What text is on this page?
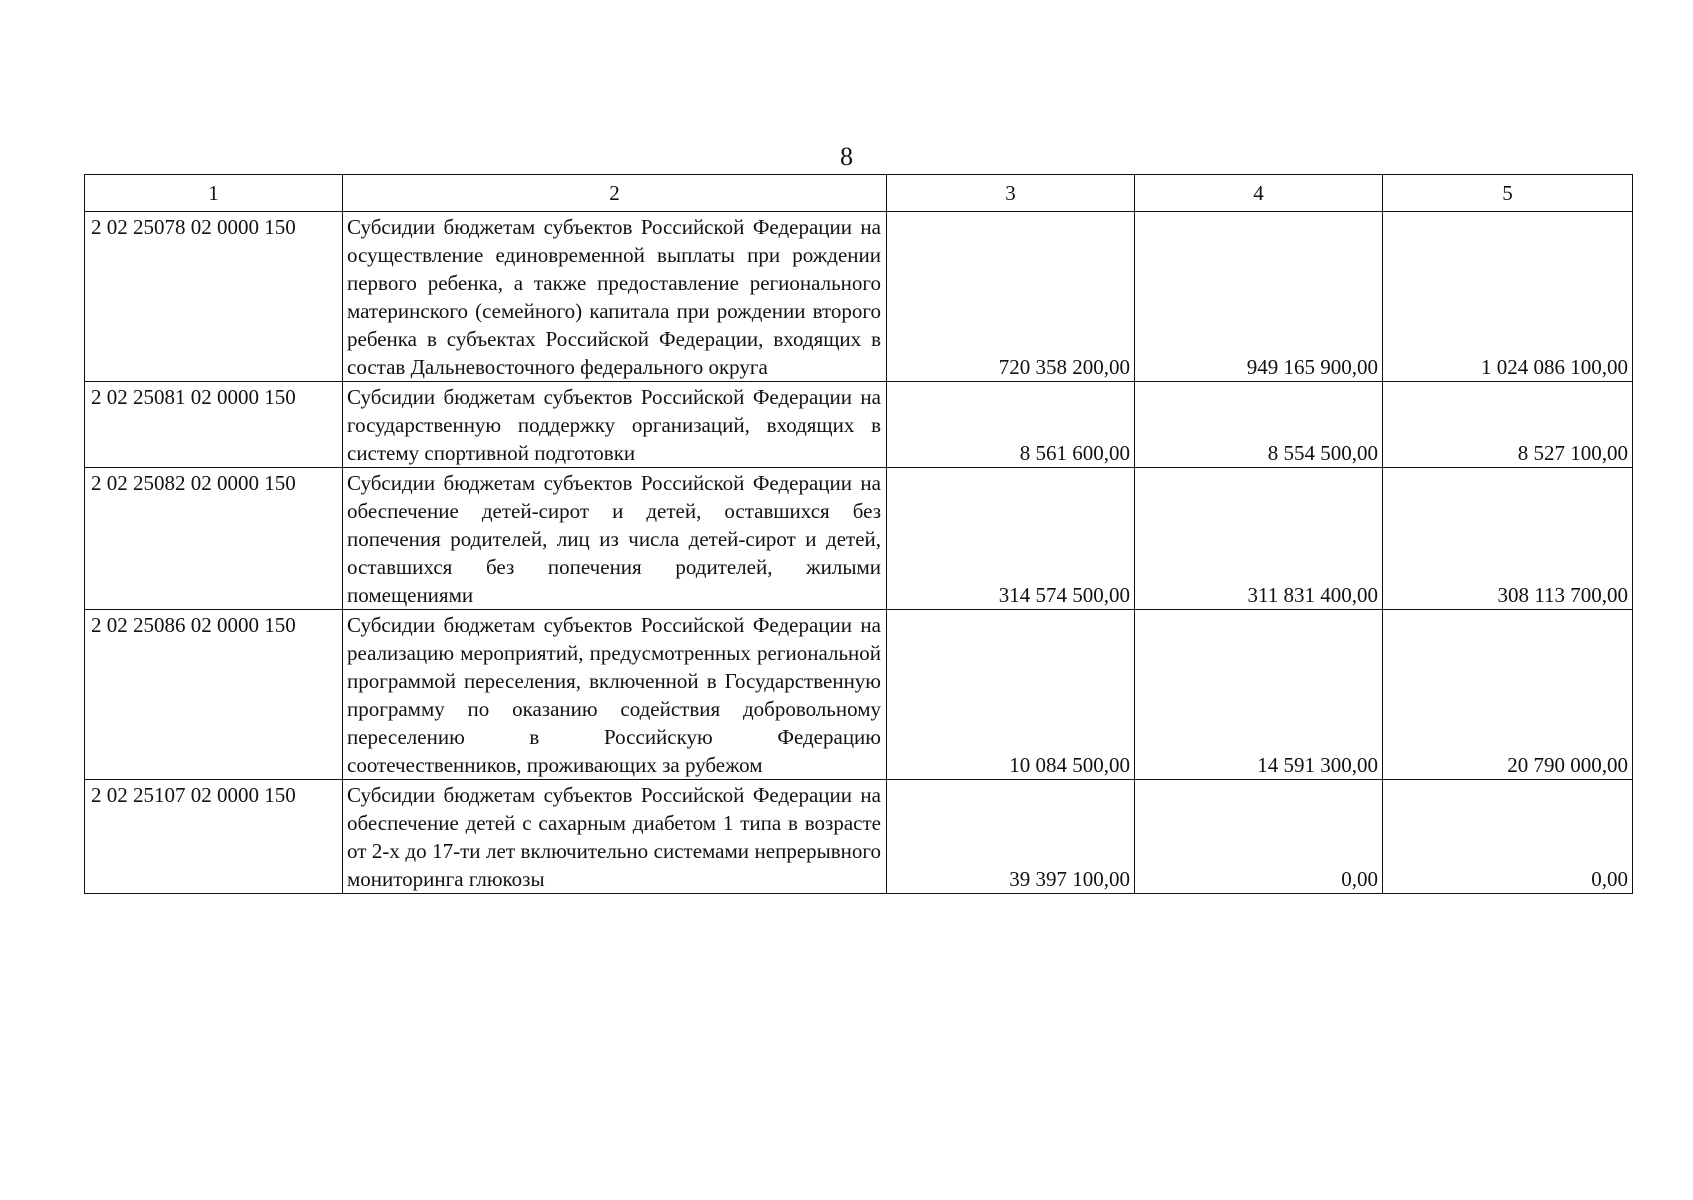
8
1	2	3	4	5
2 02 25078 02 0000 150	Субсидии бюджетам субъектов Российской Федерации на осуществление единовременной выплаты при рождении первого ребенка, а также предоставление регионального материнского (семейного) капитала при рождении второго ребенка в субъектах Российской Федерации, входящих в состав Дальневосточного федерального округа	720 358 200,00	949 165 900,00	1 024 086 100,00
2 02 25081 02 0000 150	Субсидии бюджетам субъектов Российской Федерации на государственную поддержку организаций, входящих в систему спортивной подготовки	8 561 600,00	8 554 500,00	8 527 100,00
2 02 25082 02 0000 150	Субсидии бюджетам субъектов Российской Федерации на обеспечение детей-сирот и детей, оставшихся без попечения родителей, лиц из числа детей-сирот и детей, оставшихся без попечения родителей, жилыми помещениями	314 574 500,00	311 831 400,00	308 113 700,00
2 02 25086 02 0000 150	Субсидии бюджетам субъектов Российской Федерации на реализацию мероприятий, предусмотренных региональной программой переселения, включенной в Государственную программу по оказанию содействия добровольному переселению в Российскую Федерацию соотечественников, проживающих за рубежом	10 084 500,00	14 591 300,00	20 790 000,00
2 02 25107 02 0000 150	Субсидии бюджетам субъектов Российской Федерации на обеспечение детей с сахарным диабетом 1 типа в возрасте от 2-х до 17-ти лет включительно системами непрерывного мониторинга глюкозы	39 397 100,00	0,00	0,00
